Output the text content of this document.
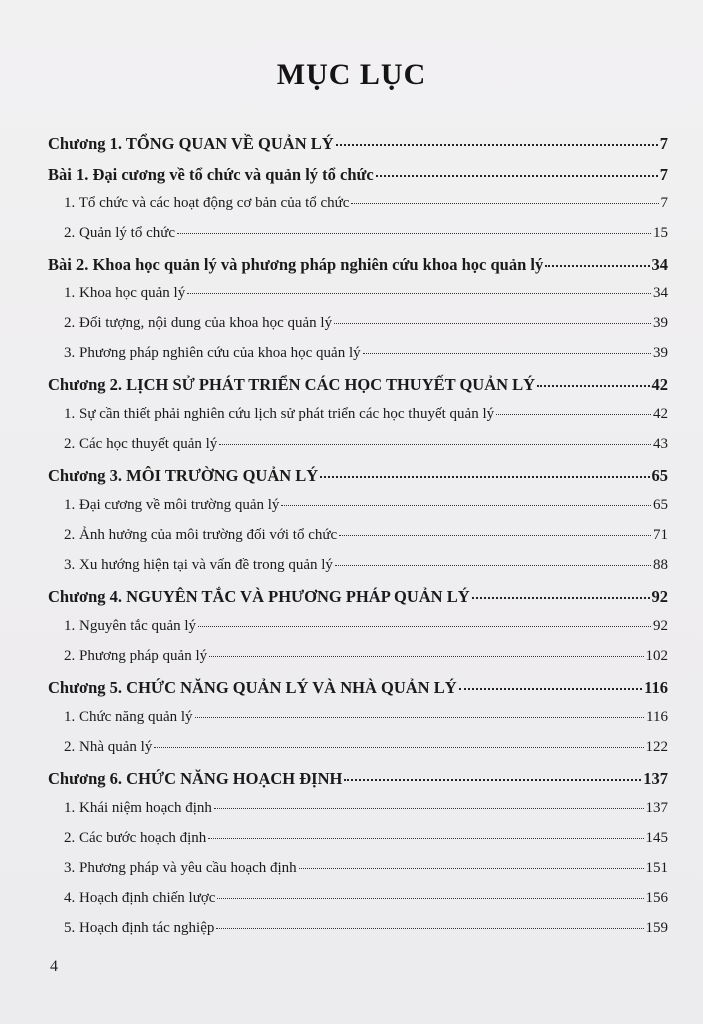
MỤC LỤC
Chương 1. TỔNG QUAN VỀ QUẢN LÝ	7
Bài 1. Đại cương về tổ chức và quản lý tổ chức	7
1. Tổ chức và các hoạt động cơ bản của tổ chức	7
2. Quản lý tổ chức	15
Bài 2. Khoa học quản lý và phương pháp nghiên cứu khoa học quản lý	34
1. Khoa học quản lý	34
2. Đối tượng, nội dung của khoa học quản lý	39
3. Phương pháp nghiên cứu của khoa học quản lý	39
Chương 2. LỊCH SỬ PHÁT TRIỂN CÁC HỌC THUYẾT QUẢN LÝ	42
1. Sự cần thiết phải nghiên cứu lịch sử phát triển các học thuyết quản lý	42
2. Các học thuyết quản lý	43
Chương 3. MÔI TRƯỜNG QUẢN LÝ	65
1. Đại cương về môi trường quản lý	65
2. Ảnh hưởng của môi trường đối với tổ chức	71
3. Xu hướng hiện tại và vấn đề trong quản lý	88
Chương 4. NGUYÊN TẮC VÀ PHƯƠNG PHÁP QUẢN LÝ	92
1. Nguyên tắc quản lý	92
2. Phương pháp quản lý	102
Chương 5. CHỨC NĂNG QUẢN LÝ VÀ NHÀ QUẢN LÝ	116
1. Chức năng quản lý	116
2. Nhà quản lý	122
Chương 6. CHỨC NĂNG HOẠCH ĐỊNH	137
1. Khái niệm hoạch định	137
2. Các bước hoạch định	145
3. Phương pháp và yêu cầu hoạch định	151
4. Hoạch định chiến lược	156
5. Hoạch định tác nghiệp	159
4
